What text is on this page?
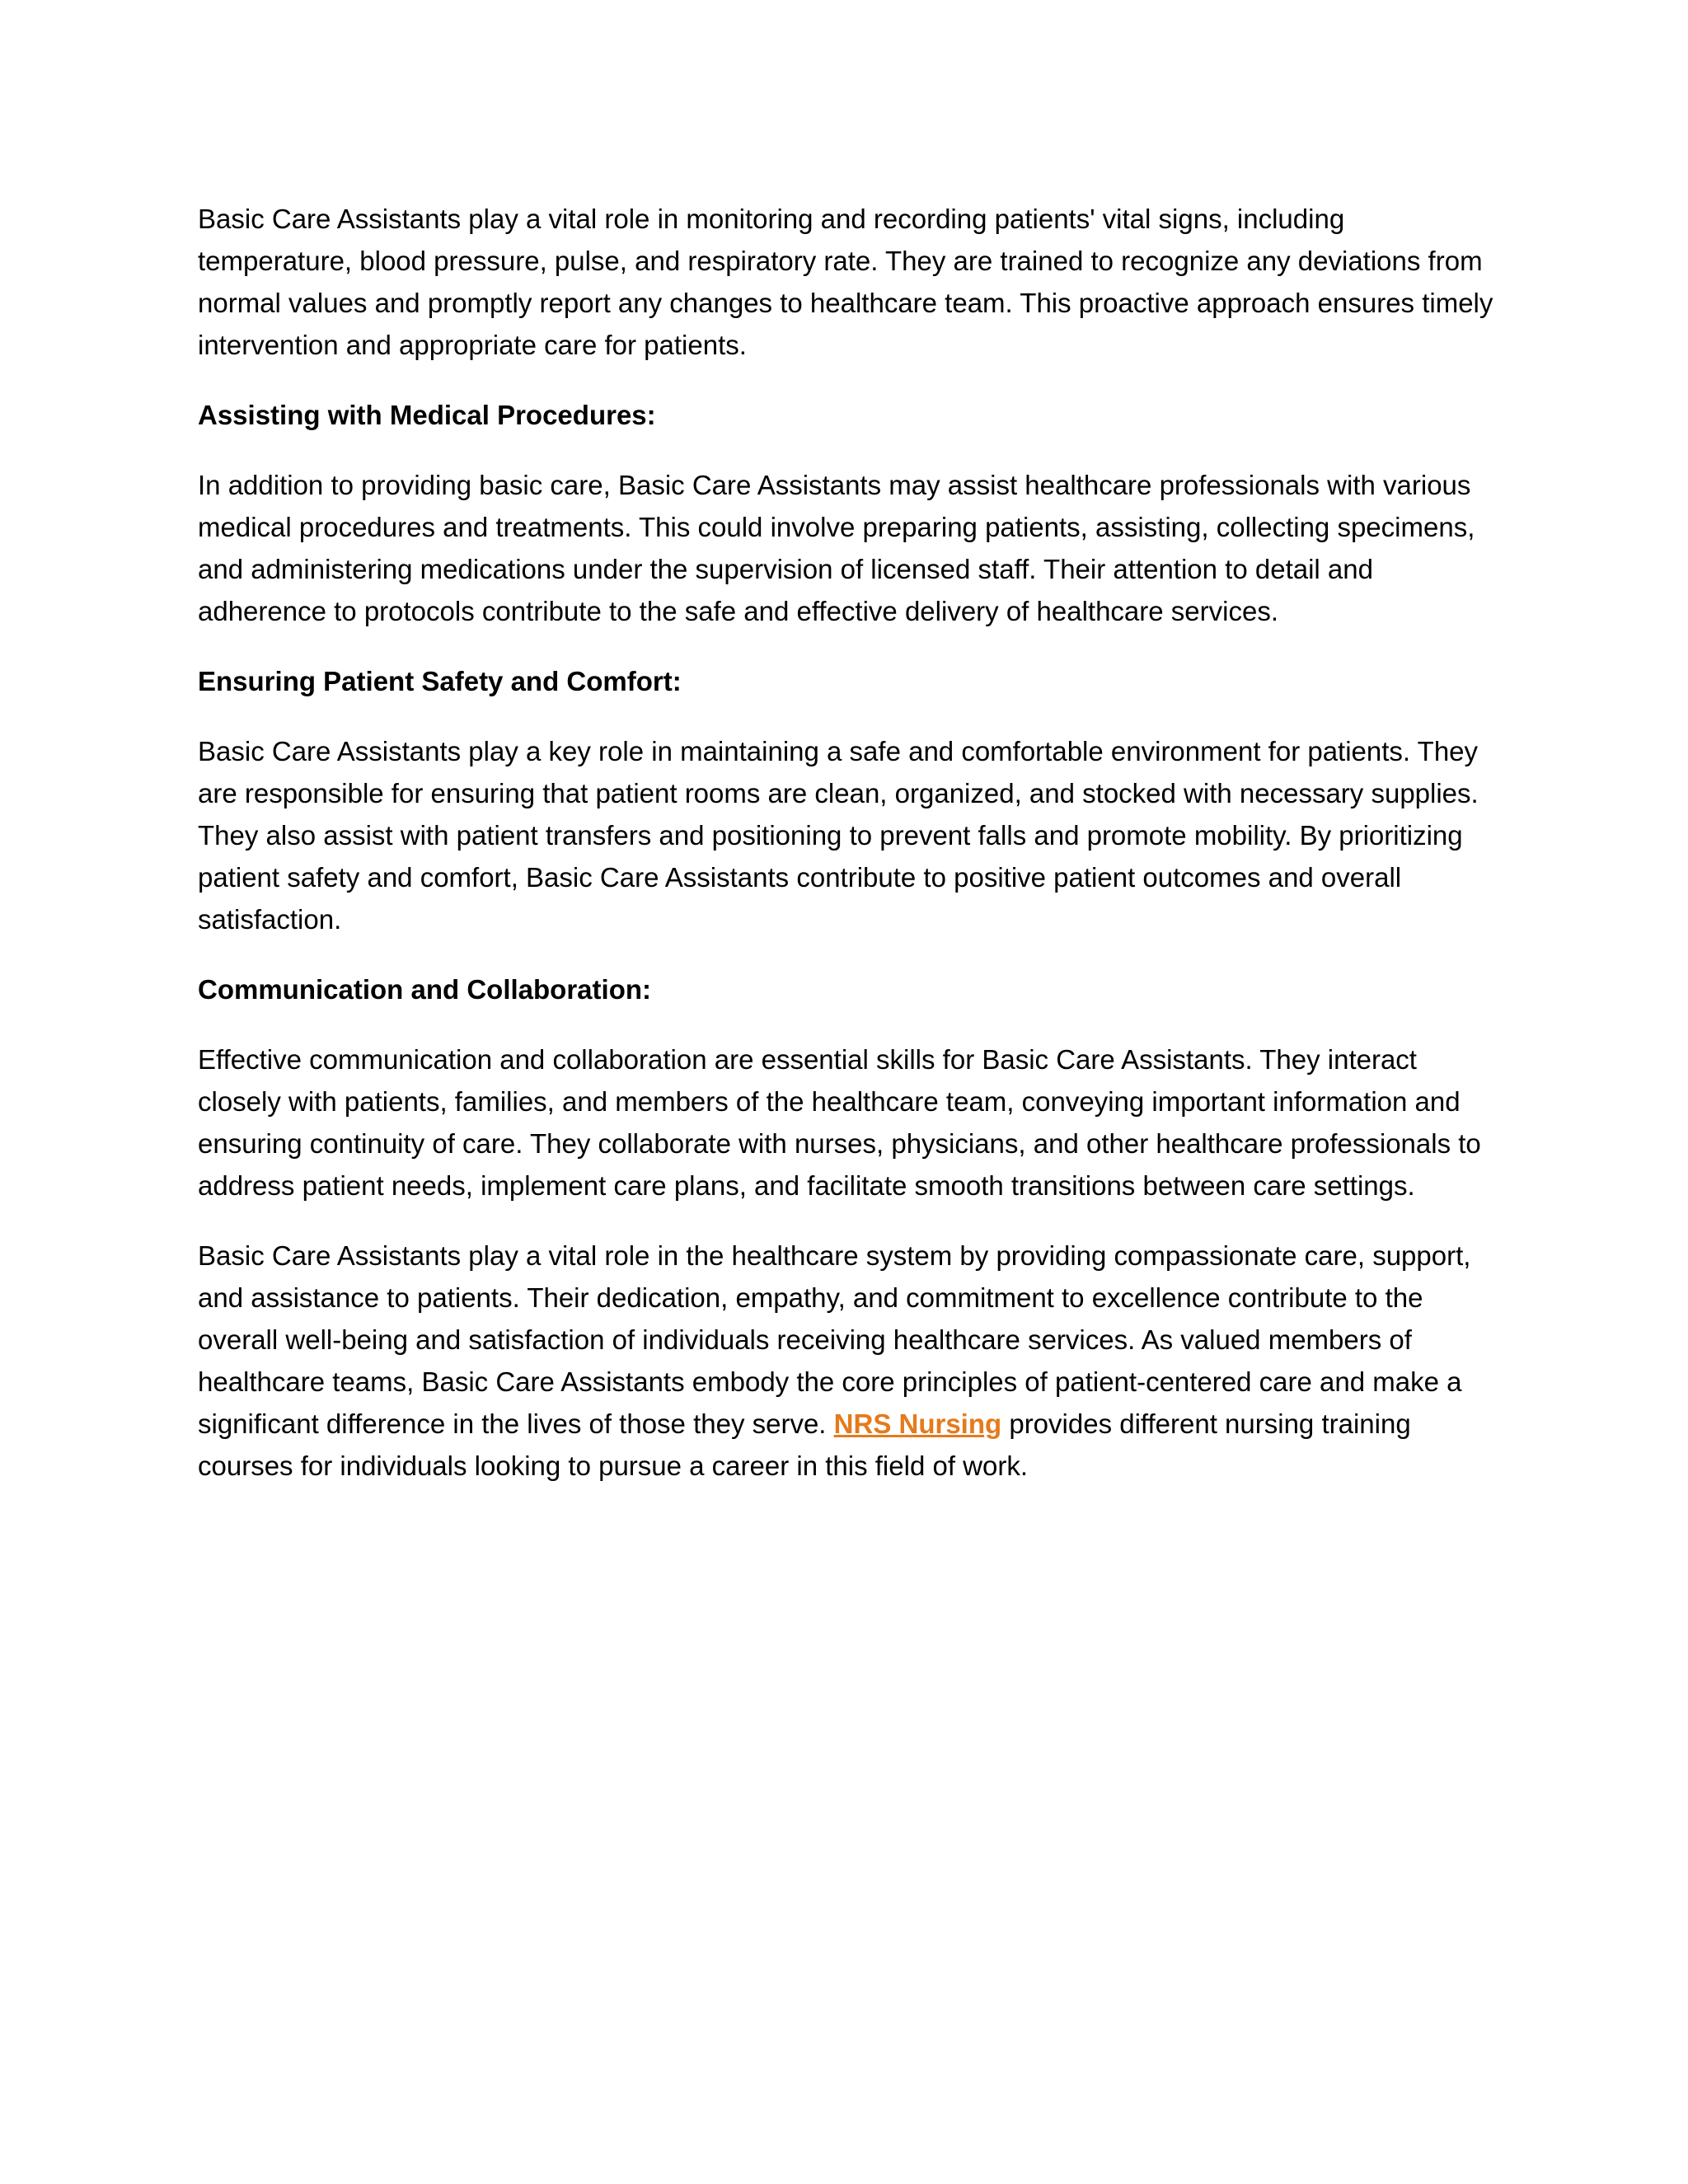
Basic Care Assistants play a vital role in monitoring and recording patients' vital signs, including temperature, blood pressure, pulse, and respiratory rate. They are trained to recognize any deviations from normal values and promptly report any changes to healthcare team. This proactive approach ensures timely intervention and appropriate care for patients.

Assisting with Medical Procedures:

In addition to providing basic care, Basic Care Assistants may assist healthcare professionals with various medical procedures and treatments. This could involve preparing patients, assisting, collecting specimens, and administering medications under the supervision of licensed staff. Their attention to detail and adherence to protocols contribute to the safe and effective delivery of healthcare services.

Ensuring Patient Safety and Comfort:

Basic Care Assistants play a key role in maintaining a safe and comfortable environment for patients. They are responsible for ensuring that patient rooms are clean, organized, and stocked with necessary supplies. They also assist with patient transfers and positioning to prevent falls and promote mobility. By prioritizing patient safety and comfort, Basic Care Assistants contribute to positive patient outcomes and overall satisfaction.

Communication and Collaboration:

Effective communication and collaboration are essential skills for Basic Care Assistants. They interact closely with patients, families, and members of the healthcare team, conveying important information and ensuring continuity of care. They collaborate with nurses, physicians, and other healthcare professionals to address patient needs, implement care plans, and facilitate smooth transitions between care settings.

Basic Care Assistants play a vital role in the healthcare system by providing compassionate care, support, and assistance to patients. Their dedication, empathy, and commitment to excellence contribute to the overall well-being and satisfaction of individuals receiving healthcare services. As valued members of healthcare teams, Basic Care Assistants embody the core principles of patient-centered care and make a significant difference in the lives of those they serve. NRS Nursing provides different nursing training courses for individuals looking to pursue a career in this field of work.
